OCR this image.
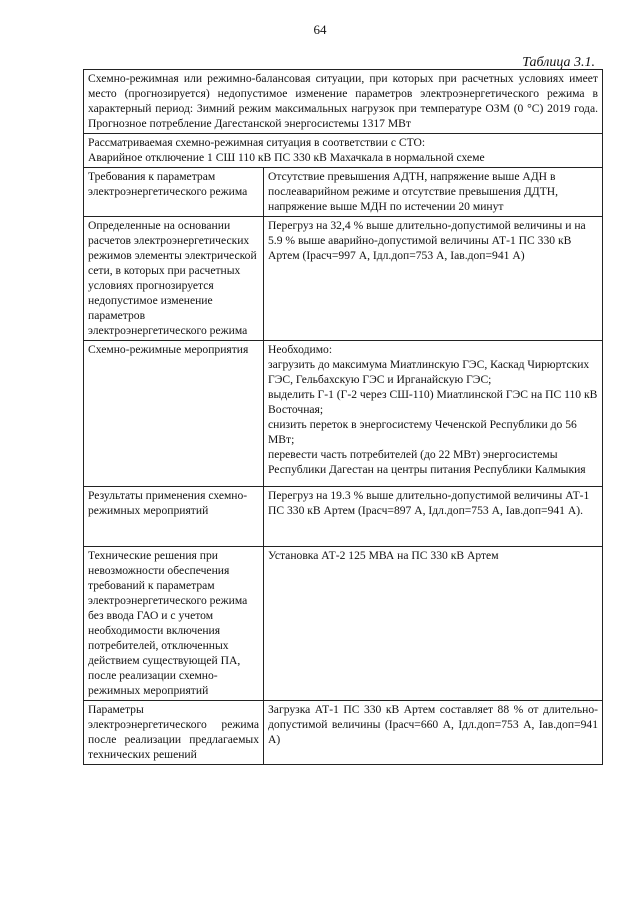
64
Таблица 3.1.
Схемно-режимная или режимно-балансовая ситуации, при которых при расчетных условиях имеет место (прогнозируется) недопустимое изменение параметров электроэнергетического режима в характерный период: Зимний режим максимальных нагрузок при температуре ОЗМ (0 °С) 2019 года. Прогнозное потребление Дагестанской энергосистемы 1317 МВт	

Рассматриваемая схемно-режимная ситуация в соответствии с СТО:
Аварийное отключение 1 СШ 110 кВ ПС 330 кВ Махачкала в нормальной схеме	

Требования к параметрам электроэнергетического режима	Отсутствие превышения АДТН, напряжение выше АДН в послеаварийном режиме и отсутствие превышения ДДТН, напряжение выше МДН по истечении 20 минут
Определенные на основании расчетов электроэнергетических режимов элементы электрической сети, в которых при расчетных условиях прогнозируется недопустимое изменение параметров электроэнергетического режима	Перегруз на 32,4 % выше длительно-допустимой величины и на 5.9 % выше аварийно-допустимой величины АТ-1 ПС 330 кВ Артем (Ірасч=997 А, Ідл.доп=753 А, Іав.доп=941 А)
Схемно-режимные мероприятия	Необходимо:
загрузить до максимума Миатлинскую ГЭС, Каскад Чирюртских ГЭС, Гельбахскую ГЭС и Ирганайскую ГЭС;
выделить Г-1 (Г-2 через СШ-110) Миатлинской ГЭС на ПС 110 кВ Восточная;
снизить переток в энергосистему Чеченской Республики до 56 МВт;
перевести часть потребителей (до 22 МВт) энергосистемы Республики Дагестан на центры питания Республики Калмыкия
Результаты применения схемно-режимных мероприятий	Перегруз на 19.3 % выше длительно-допустимой величины АТ-1 ПС 330 кВ Артем (Ірасч=897 А, Ідл.доп=753 А, Іав.доп=941 А).
Технические решения при невозможности обеспечения требований к параметрам электроэнергетического режима без ввода ГАО и с учетом необходимости включения потребителей, отключенных действием существующей ПА, после реализации схемно-режимных мероприятий	Установка АТ-2 125 МВА на ПС 330 кВ Артем
Параметры электроэнергетического режима после реализации предлагаемых технических решений	Загрузка АТ-1 ПС 330 кВ Артем составляет 88 % от длительно-допустимой величины (Ірасч=660 А, Ідл.доп=753 А, Іав.доп=941 А)
